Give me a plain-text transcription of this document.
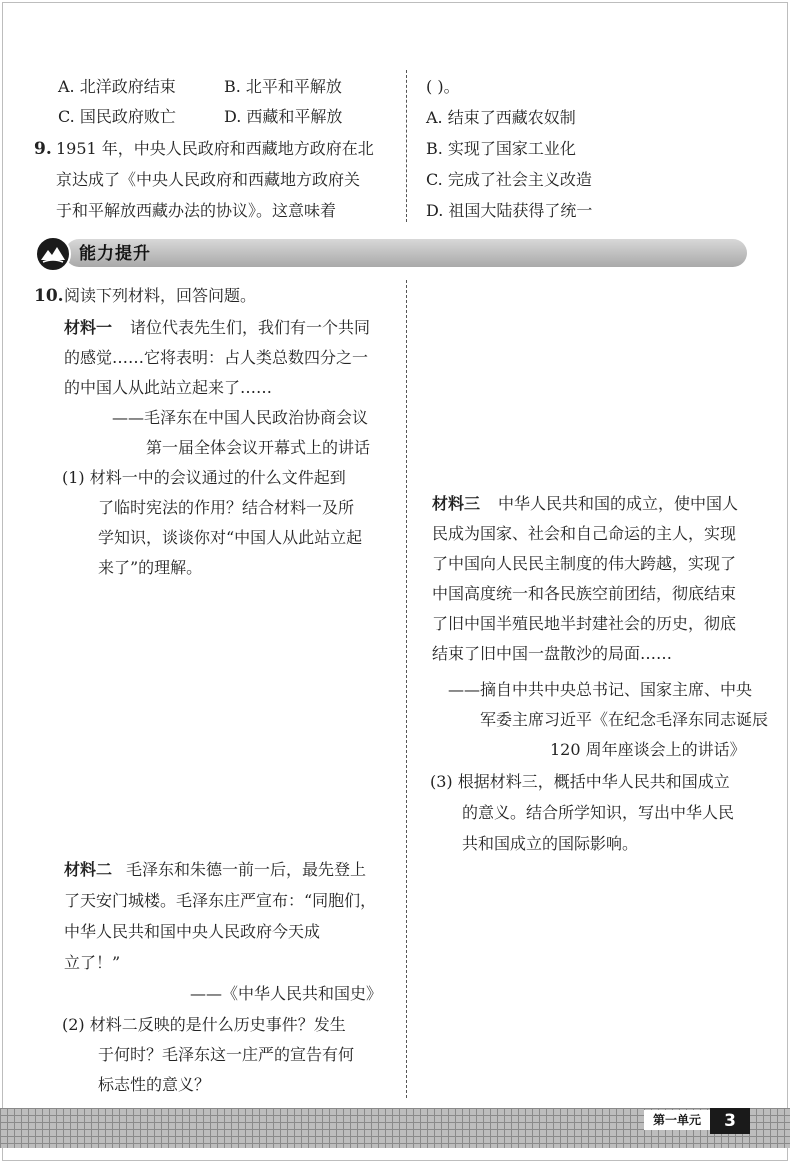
A. 北洋政府结束	B. 北平和平解放
C. 国民政府败亡	D. 西藏和平解放
9. 1951 年，中央人民政府和西藏地方政府在北
京达成了《中央人民政府和西藏地方政府关
于和平解放西藏办法的协议》。这意味着
( )。
A. 结束了西藏农奴制
B. 实现了国家工业化
C. 完成了社会主义改造
D. 祖国大陆获得了统一
能力提升
10. 阅读下列材料，回答问题。
材料一 诸位代表先生们，我们有一个共同
的感觉……它将表明：占人类总数四分之一
的中国人从此站立起来了……
——毛泽东在中国人民政治协商会议
第一届全体会议开幕式上的讲话
(1) 材料一中的会议通过的什么文件起到
了临时宪法的作用？结合材料一及所
学知识，谈谈你对“中国人从此站立起
来了”的理解。
材料二 毛泽东和朱德一前一后，最先登上
了天安门城楼。毛泽东庄严宣布：“同胞们，
中华人民共和国中央人民政府今天成
立了！”
——《中华人民共和国史》
(2) 材料二反映的是什么历史事件？发生
于何时？毛泽东这一庄严的宣告有何
标志性的意义？
材料三 中华人民共和国的成立，使中国人
民成为国家、社会和自己命运的主人，实现
了中国向人民民主制度的伟大跨越，实现了
中国高度统一和各民族空前团结，彻底结束
了旧中国半殖民地半封建社会的历史，彻底
结束了旧中国一盘散沙的局面……
——摘自中共中央总书记、国家主席、中央
军委主席习近平《在纪念毛泽东同志诞辰
120 周年座谈会上的讲话》
(3) 根据材料三，概括中华人民共和国成立
的意义。结合所学知识，写出中华人民
共和国成立的国际影响。
第一单元	3
